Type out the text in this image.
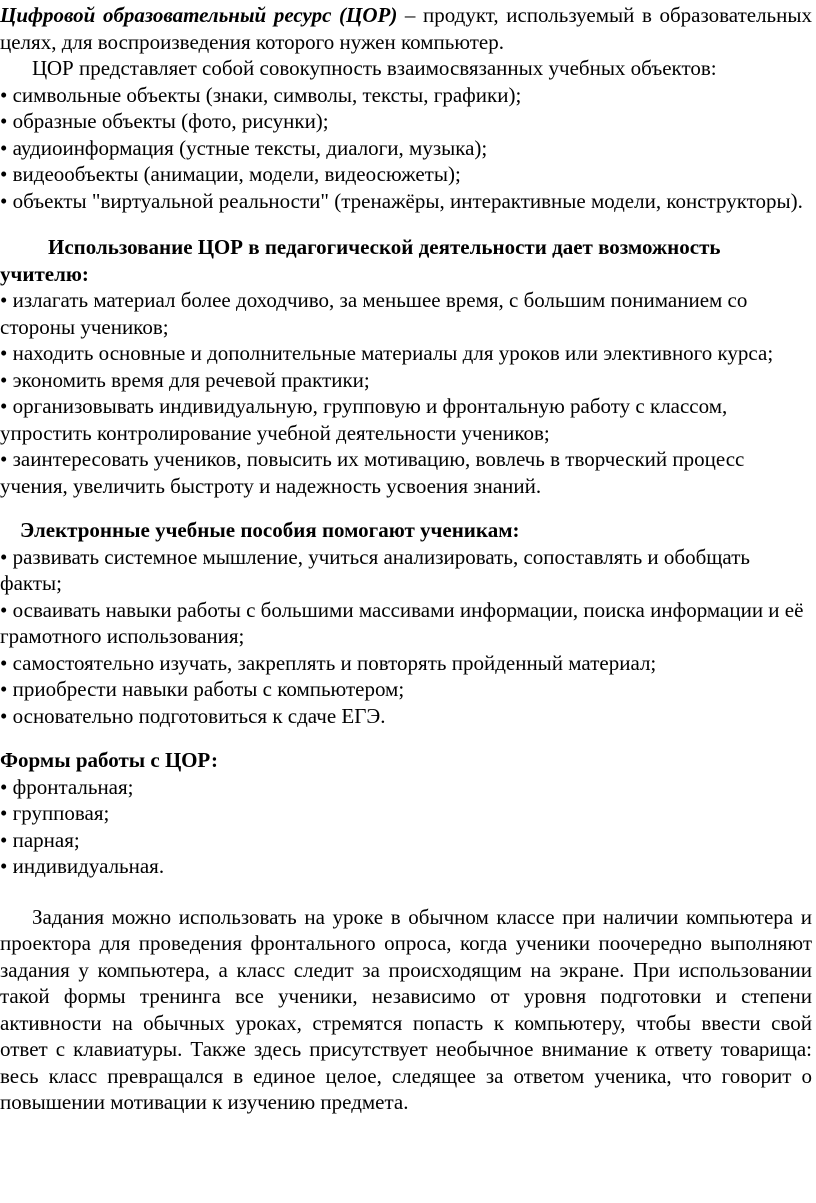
Цифровой образовательный ресурс (ЦОР) – продукт, используемый в образовательных целях, для воспроизведения которого нужен компьютер.

ЦОР представляет собой совокупность взаимосвязанных учебных объектов:

• символьные объекты (знаки, символы, тексты, графики);
• образные объекты (фото, рисунки);
• аудиоинформация (устные тексты, диалоги, музыка);
• видеообъекты (анимации, модели, видеосюжеты);
• объекты "виртуальной реальности" (тренажёры, интерактивные модели, конструкторы).

Использование ЦОР в педагогической деятельности дает возможность учителю:

• излагать материал более доходчиво, за меньшее время, с большим пониманием со стороны учеников;
• находить основные и дополнительные материалы для уроков или элективного курса;
• экономить время для речевой практики;
• организовывать индивидуальную, групповую и фронтальную работу с классом, упростить контролирование учебной деятельности учеников;
• заинтересовать учеников, повысить их мотивацию, вовлечь в творческий процесс учения, увеличить быстроту и надежность усвоения знаний.

Электронные учебные пособия помогают ученикам:

• развивать системное мышление, учиться анализировать, сопоставлять и обобщать факты;
• осваивать навыки работы с большими массивами информации, поиска информации и её грамотного использования;
• самостоятельно изучать, закреплять и повторять пройденный материал;
• приобрести навыки работы с компьютером;
• основательно подготовиться к сдаче ЕГЭ.

Формы работы с ЦОР:

• фронтальная;
• групповая;
• парная;
• индивидуальная.

Задания можно использовать на уроке в обычном классе при наличии компьютера и проектора для проведения фронтального опроса, когда ученики поочередно выполняют задания у компьютера, а класс следит за происходящим на экране. При использовании такой формы тренинга все ученики, независимо от уровня подготовки и степени активности на обычных уроках, стремятся попасть к компьютеру, чтобы ввести свой ответ с клавиатуры. Также здесь присутствует необычное внимание к ответу товарища: весь класс превращался в единое целое, следящее за ответом ученика, что говорит о повышении мотивации к изучению предмета.
